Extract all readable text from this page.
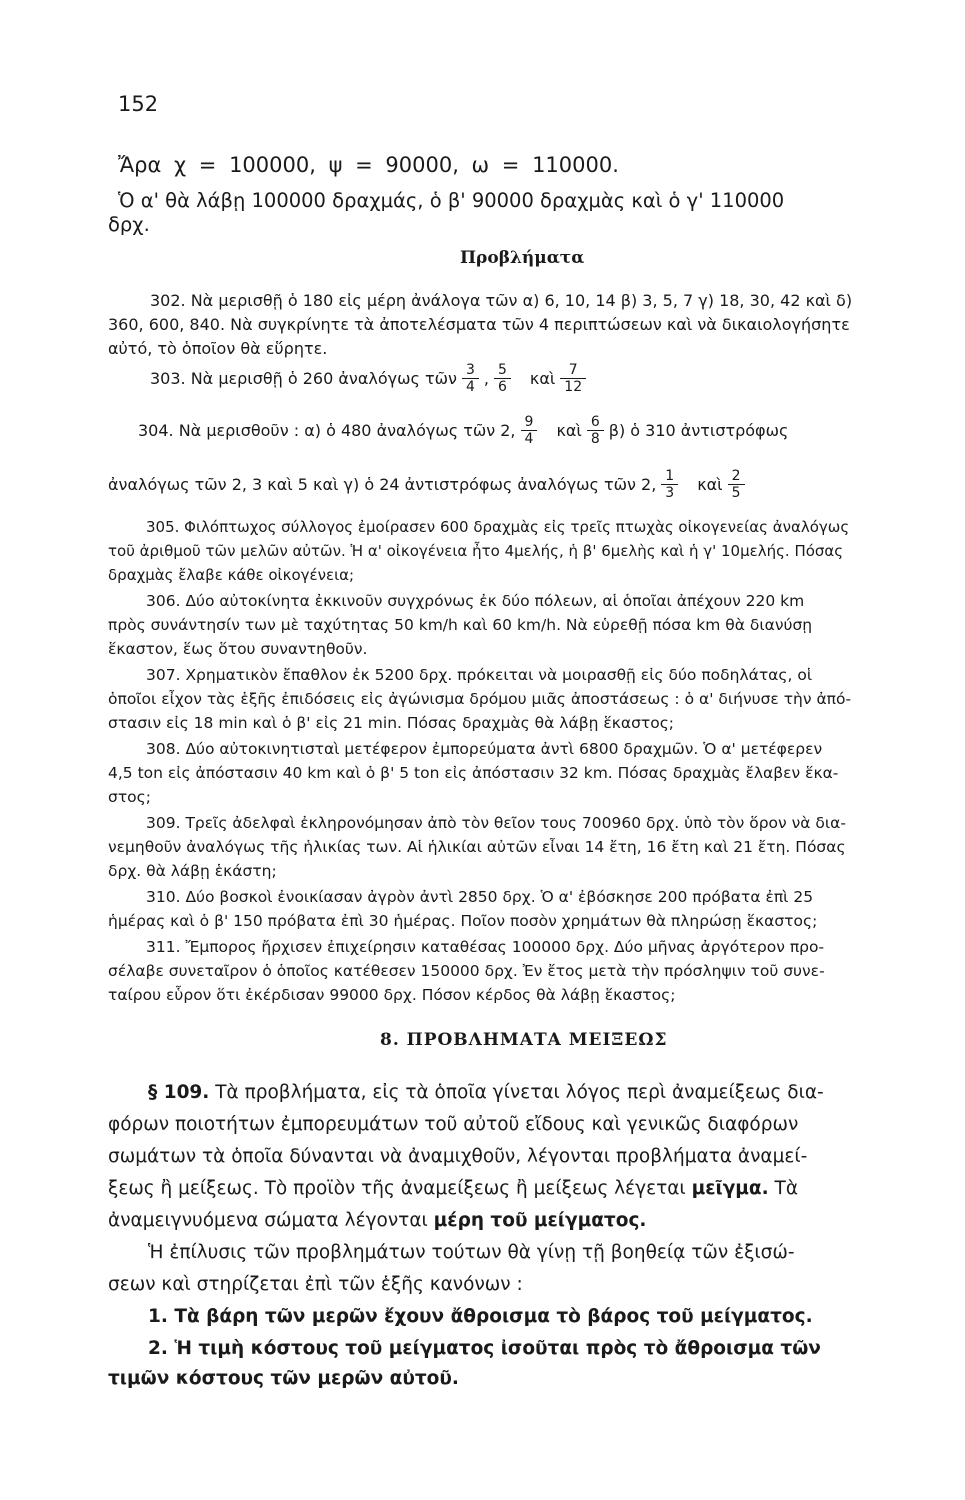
152
Ἄρα χ = 100000, ψ = 90000, ω = 110000.
Ὁ α' θὰ λάβῃ 100000 δραχμάς, ὁ β' 90000 δραχμὰς καὶ ὁ γ' 110000
δρχ.
Προβλήματα
302. Νὰ μερισθῇ ὁ 180 εἰς μέρη ἀνάλογα τῶν α) 6, 10, 14 β) 3, 5, 7 γ) 18, 30, 42 καὶ δ)
360, 600, 840. Νὰ συγκρίνητε τὰ ἀποτελέσματα τῶν 4 περιπτώσεων καὶ νὰ δικαιολογήσητε
αὐτό, τὸ ὁποῖον θὰ εὕρητε.
303. Νὰ μερισθῇ ὁ 260 ἀναλόγως τῶν $\frac{3}{4}$ , $\frac{5}{6}$ καὶ $\frac{7}{12}$
304. Νὰ μερισθοῦν : α) ὁ 480 ἀναλόγως τῶν 2, $\frac{9}{4}$ καὶ $\frac{6}{8} \beta$) ὁ 310 ἀντιστρόφως
ἀναλόγως τῶν 2, 3 καὶ 5 καὶ γ) ὁ 24 ἀντιστρόφως ἀναλόγως τῶν 2, $\frac{1}{3}$ καὶ $\frac{2}{5}$
305. Φιλόπτωχος σύλλογος ἐμοίρασεν 600 δραχμὰς εἰς τρεῖς πτωχὰς οἰκογενείας ἀναλόγως
τοῦ ἀριθμοῦ τῶν μελῶν αὐτῶν. Ἡ α' οἰκογένεια ἦτο 4μελής, ἡ β' 6μελὴς καὶ ἡ γ' 10μελής. Πόσας
δραχμὰς ἔλαβε κάθε οἰκογένεια;
306. Δύο αὐτοκίνητα ἐκκινοῦν συγχρόνως ἐκ δύο πόλεων, αἱ ὁποῖαι ἀπέχουν 220 km
πρὸς συνάντησίν των μὲ ταχύτητας 50 km/h καὶ 60 km/h. Νὰ εὑρεθῇ πόσα km θὰ διανύσῃ
ἕκαστον, ἕως ὅτου συναντηθοῦν.
307. Χρηματικὸν ἔπαθλον ἐκ 5200 δρχ. πρόκειται νὰ μοιρασθῇ εἰς δύο ποδηλάτας, οἱ
ὁποῖοι εἶχον τὰς ἑξῆς ἐπιδόσεις εἰς ἀγώνισμα δρόμου μιᾶς ἀποστάσεως : ὁ α' διήνυσε τὴν ἀπό-
στασιν εἰς 18 min καὶ ὁ β' εἰς 21 min. Πόσας δραχμὰς θὰ λάβῃ ἕκαστος;
308. Δύο αὐτοκινητισταὶ μετέφερον ἐμπορεύματα ἀντὶ 6800 δραχμῶν. Ὁ α' μετέφερεν
4,5 ton εἰς ἀπόστασιν 40 km καὶ ὁ β' 5 ton εἰς ἀπόστασιν 32 km. Πόσας δραχμὰς ἔλαβεν ἕκα-
στος;
309. Τρεῖς ἀδελφαὶ ἐκληρονόμησαν ἀπὸ τὸν θεῖον τους 700960 δρχ. ὑπὸ τὸν ὅρον νὰ δια-
νεμηθοῦν ἀναλόγως τῆς ἡλικίας των. Αἱ ἡλικίαι αὐτῶν εἶναι 14 ἔτη, 16 ἔτη καὶ 21 ἔτη. Πόσας
δρχ. θὰ λάβῃ ἑκάστη;
310. Δύο βοσκοὶ ἐνοικίασαν ἀγρὸν ἀντὶ 2850 δρχ. Ὁ α' ἐβόσκησε 200 πρόβατα ἐπὶ 25
ἡμέρας καὶ ὁ β' 150 πρόβατα ἐπὶ 30 ἡμέρας. Ποῖον ποσὸν χρημάτων θὰ πληρώσῃ ἕκαστος;
311. Ἔμπορος ἤρχισεν ἐπιχείρησιν καταθέσας 100000 δρχ. Δύο μῆνας ἀργότερον προ-
σέλαβε συνεταῖρον ὁ ὁποῖος κατέθεσεν 150000 δρχ. Ἐν ἔτος μετὰ τὴν πρόσληψιν τοῦ συνε-
ταίρου εὗρον ὅτι ἐκέρδισαν 99000 δρχ. Πόσον κέρδος θὰ λάβῃ ἕκαστος;
8. ΠΡΟΒΛΗΜΑΤΑ ΜΕΙΞΕΩΣ
§ 109. Τὰ προβλήματα, εἰς τὰ ὁποῖα γίνεται λόγος περὶ ἀναμείξεως δια-
φόρων ποιοτήτων ἐμπορευμάτων τοῦ αὐτοῦ εἴδους καὶ γενικῶς διαφόρων
σωμάτων τὰ ὁποῖα δύνανται νὰ ἀναμιχθοῦν, λέγονται προβλήματα ἀναμεί-
ξεως ἢ μείξεως. Τὸ προϊὸν τῆς ἀναμείξεως ἢ μείξεως λέγεται μεῖγμα. Τὰ
ἀναμειγνυόμενα σώματα λέγονται μέρη τοῦ μείγματος.
Ἡ ἐπίλυσις τῶν προβλημάτων τούτων θὰ γίνῃ τῇ βοηθείᾳ τῶν ἐξισώ-
σεων καὶ στηρίζεται ἐπὶ τῶν ἑξῆς κανόνων :
1. Τὰ βάρη τῶν μερῶν ἔχουν ἄθροισμα τὸ βάρος τοῦ μείγματος.
2. Ἡ τιμὴ κόστους τοῦ μείγματος ἰσοῦται πρὸς τὸ ἄθροισμα τῶν
τιμῶν κόστους τῶν μερῶν αὐτοῦ.
